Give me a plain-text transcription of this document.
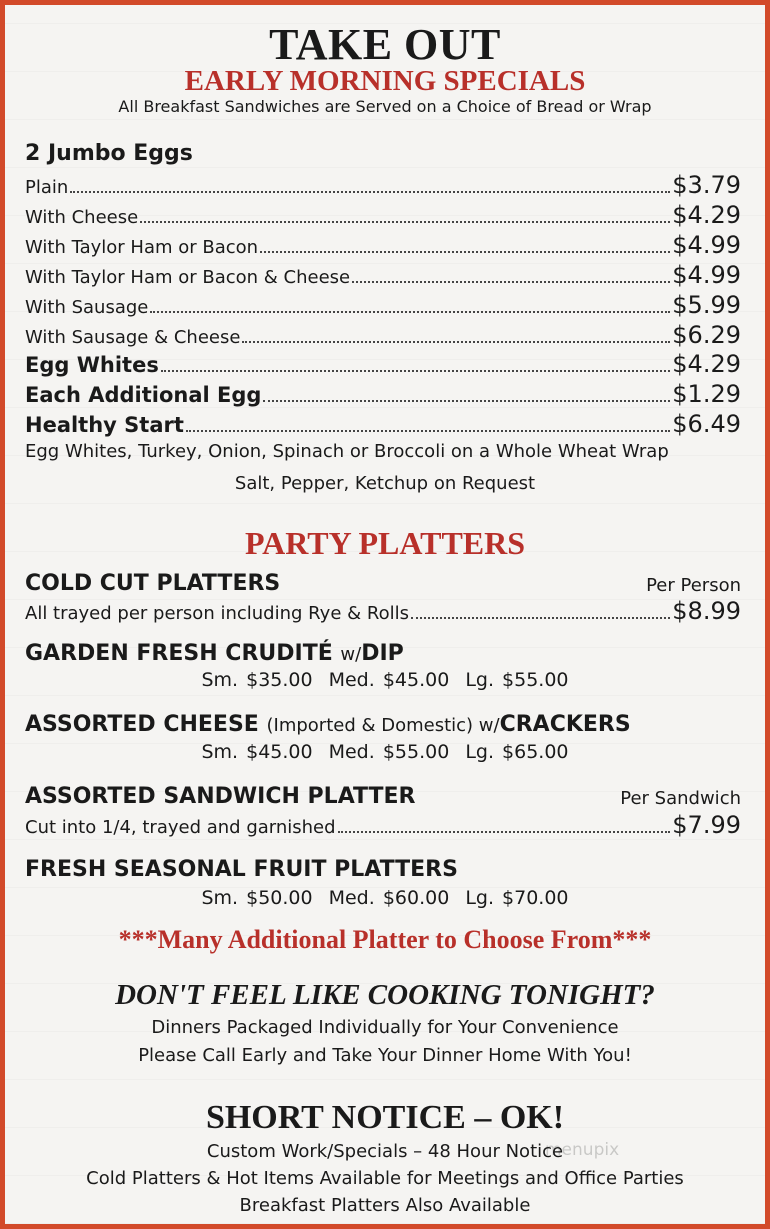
TAKE OUT
EARLY MORNING SPECIALS
All Breakfast Sandwiches are Served on a Choice of Bread or Wrap
2 Jumbo Eggs
Plain	$3.79
With Cheese	$4.29
With Taylor Ham or Bacon	$4.99
With Taylor Ham or Bacon & Cheese	$4.99
With Sausage	$5.99
With Sausage & Cheese	$6.29
Egg Whites	$4.29
Each Additional Egg	$1.29
Healthy Start	$6.49
Egg Whites, Turkey, Onion, Spinach or Broccoli on a Whole Wheat Wrap
Salt, Pepper, Ketchup on Request
PARTY PLATTERS
COLD CUT PLATTERS	Per Person
All trayed per person including Rye & Rolls	$8.99
GARDEN FRESH CRUDITÉ w/DIP
Sm. $35.00 Med. $45.00 Lg. $55.00
ASSORTED CHEESE (Imported & Domestic) w/CRACKERS
Sm. $45.00 Med. $55.00 Lg. $65.00
ASSORTED SANDWICH PLATTER	Per Sandwich
Cut into 1/4, trayed and garnished	$7.99
FRESH SEASONAL FRUIT PLATTERS
Sm. $50.00 Med. $60.00 Lg. $70.00
***Many Additional Platter to Choose From***
DON'T FEEL LIKE COOKING TONIGHT?
Dinners Packaged Individually for Your Convenience
Please Call Early and Take Your Dinner Home With You!
SHORT NOTICE – OK!
Custom Work/Specials – 48 Hour Notice
Cold Platters & Hot Items Available for Meetings and Office Parties
Breakfast Platters Also Available
menupix
